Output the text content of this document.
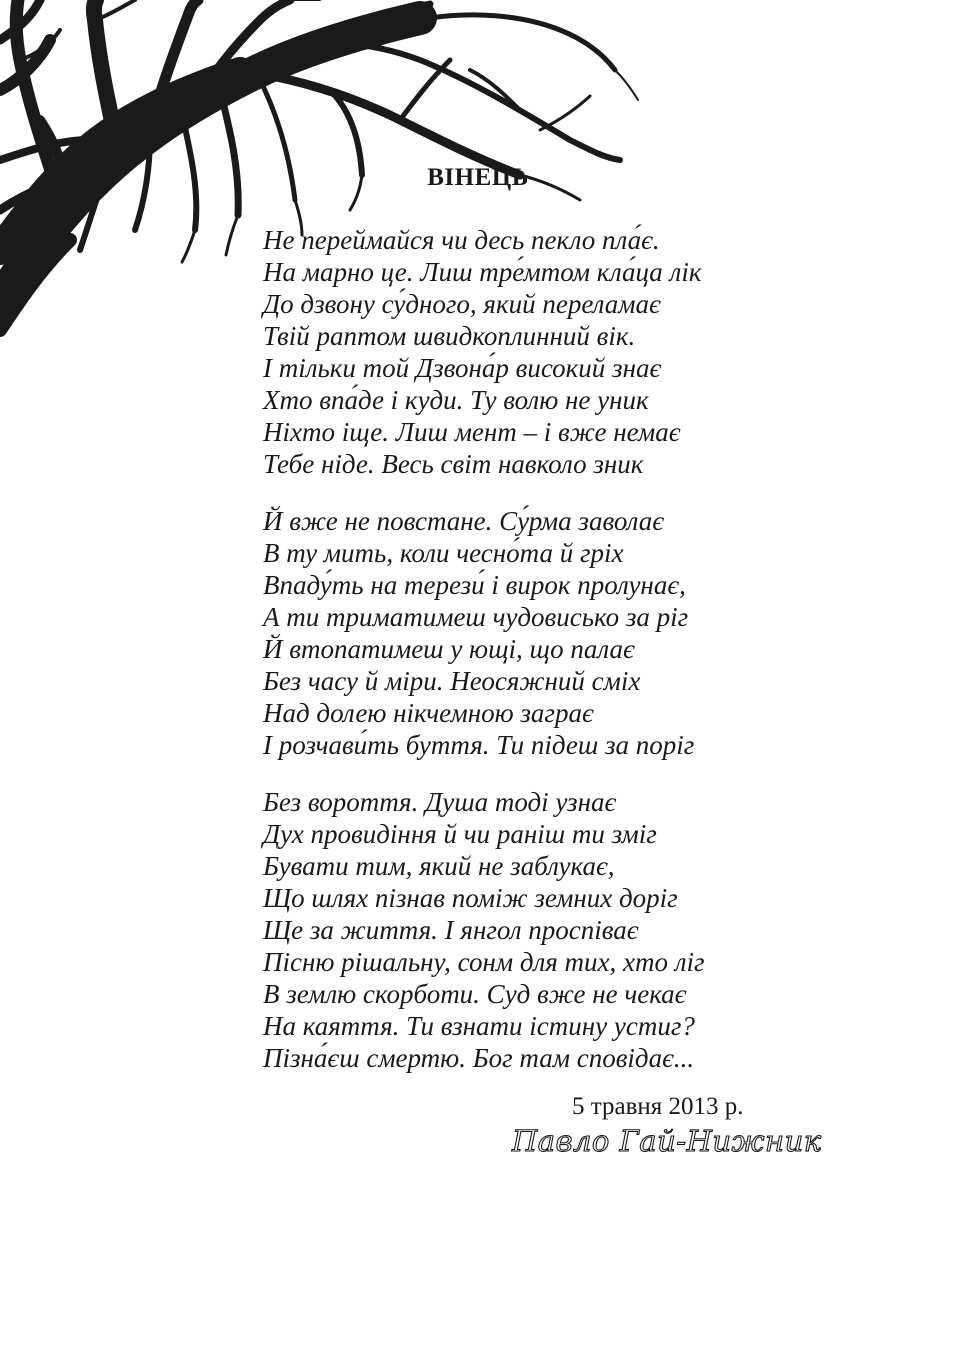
ВІНЕЦЬ
Не переймайся чи десь пекло пла́є.
На марно це. Лиш тре́мтом кла́ца лік
До дзвону су́дного, який переламає
Твій раптом швидкоплинний вік.
І тільки той Дзвона́р високий знає
Хто впа́де і куди. Ту волю не уник
Ніхто іще. Лиш мент – і вже немає
Тебе ніде. Весь світ навколо зник
Й вже не повстане. Су́рма заволає
В ту мить, коли чесно́та й гріх
Впаду́ть на терези́ і вирок пролунає,
А ти триматимеш чудовисько за ріг
Й втопатимеш у ющі, що палає
Без часу й міри. Неосяжний сміх
Над долею нікчемною заграє
І розчави́ть буття. Ти підеш за поріг
Без вороття. Душа тоді узнає
Дух провидіння й чи раніш ти зміг
Бувати тим, який не заблукає,
Що шлях пізнав поміж земних доріг
Ще за життя. І янгол проспіває
Пісню рішальну, сонм для тих, хто ліг
В землю скорботи. Суд вже не чекає
На каяття. Ти взнати істину устиг?
Пізна́єш смертю. Бог там сповідає...
5 травня 2013 р.
Павло Гай-Нижник
